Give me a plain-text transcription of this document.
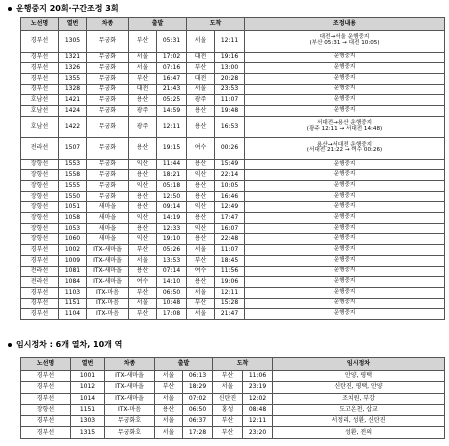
운행중지 20회·구간조정 3회
노선명	열번	차종	출발		도착		조정내용
경부선	1305	무궁화	부산	05:31	서울	12:11	대전→서울 운행중지
(부산 05:31 → 대전 10:05)

경부선	1321	무궁화	서울	17:02	대전	19:16	운행중지

경부선	1326	무궁화	서울	07:16	부산	13:00	운행중지

경부선	1355	무궁화	부산	16:47	대전	20:28	운행중지

경부선	1328	무궁화	대전	21:43	서울	23:53	운행중지

호남선	1421	무궁화	용산	05:25	광주	11:07	운행중지

호남선	1424	무궁화	광주	14:59	용산	19:48	운행중지

호남선	1422	무궁화	광주	12:11	용산	16:53	서대전→용산 운행중지
(광주 12:11 → 서대전 14:48)

전라선	1507	무궁화	용산	19:15	여수	00:26	용산→서대전 운행중지
(서대전 21:22 → 여수 00:26)

장항선	1553	무궁화	익산	11:44	용산	15:49	운행중지

장항선	1558	무궁화	용산	18:21	익산	22:14	운행중지

장항선	1555	무궁화	익산	05:18	용산	10:05	운행중지

장항선	1550	무궁화	용산	12:50	용산	16:46	운행중지

장항선	1051	새마을	용산	09:14	익산	12:49	운행중지

장항선	1058	새마을	익산	14:19	용산	17:47	운행중지

장항선	1053	새마을	용산	12:33	익산	16:07	운행중지

장항선	1060	새마을	익산	19:10	용산	22:48	운행중지

경부선	1002	ITX-새마을	부산	05:26	서울	11:07	운행중지

경부선	1009	ITX-새마을	서울	13:53	부산	18:45	운행중지

전라선	1081	ITX-새마을	용산	07:14	여수	11:56	운행중지

전라선	1084	ITX-새마을	여수	14:10	용산	19:06	운행중지

경부선	1103	ITX-마음	부산	06:50	서울	12:11	운행중지

경부선	1151	ITX-마음	서울	10:48	부산	15:28	운행중지

경부선	1104	ITX-마음	부산	17:08	서울	21:47	운행중지
임시정차 : 6개 열차, 10개 역
노선명	열번	차종	출발		도착		임시정차
경부선	1001	ITX-새마을	서울	06:13	부산	11:06	안양, 평택
경부선	1012	ITX-새마을	부산	18:29	서울	23:19	신탄진, 평택, 안양
경부선	1014	ITX-새마을	서울	07:02	신탄진	12:02	조치원, 부강
장항선	1151	ITX-마음	용산	06:50	홍성	08:48	도고온천, 삽교
경부선	1303	무궁화호	서울	06:37	부산	12:11	서정리, 성환, 신탄진
경부선	1315	무궁화호	서울	17:28	부산	23:20	성환, 전의
